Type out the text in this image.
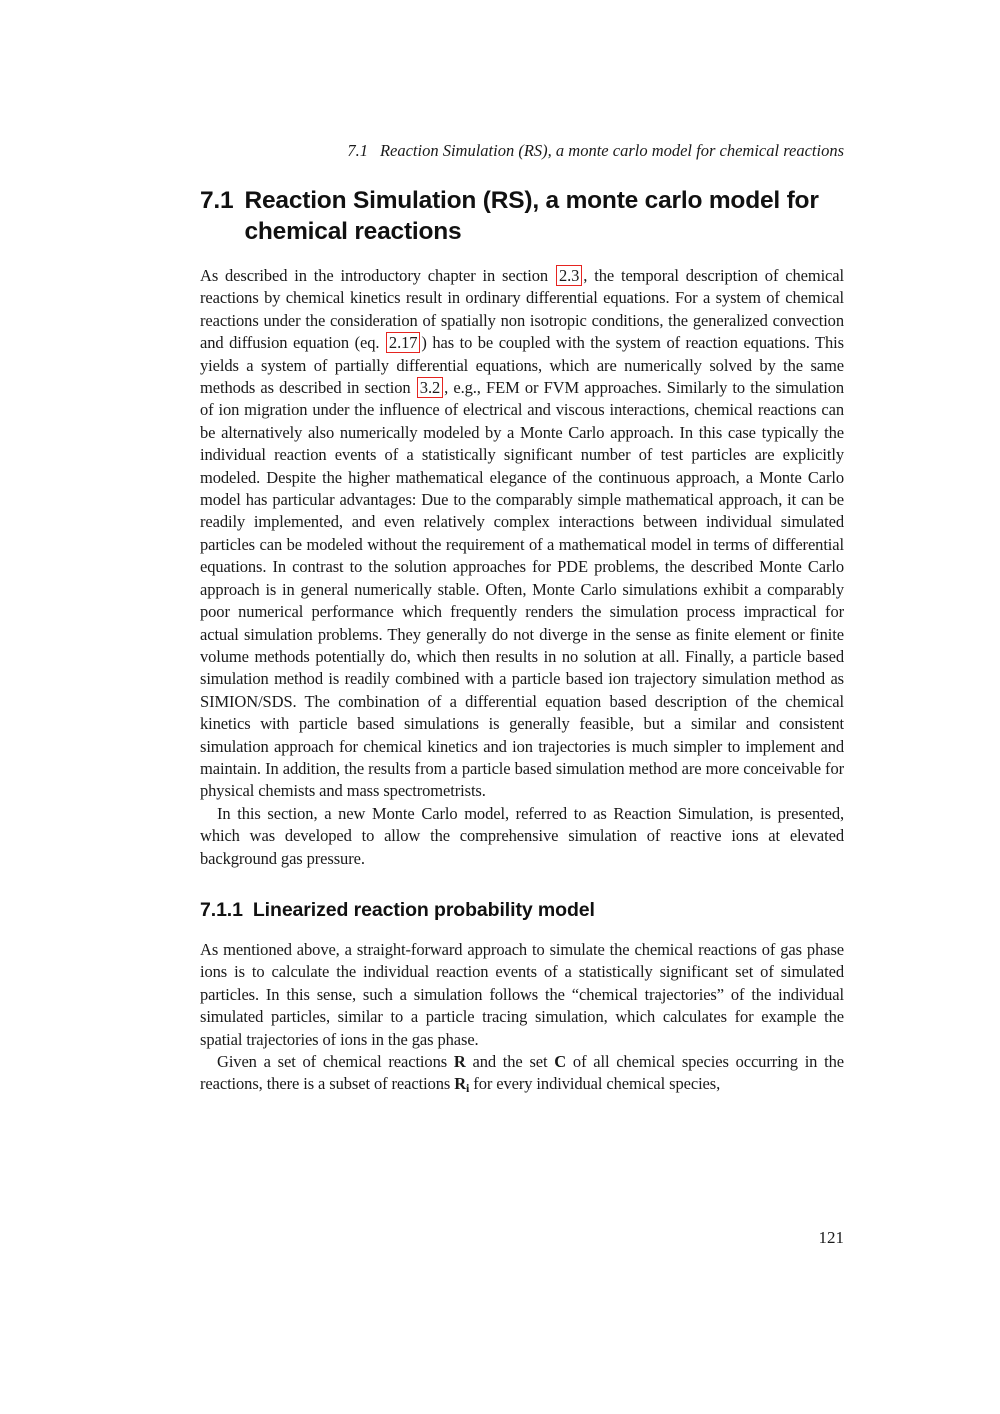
7.1 Reaction Simulation (RS), a monte carlo model for chemical reactions
7.1 Reaction Simulation (RS), a monte carlo model for
chemical reactions

As described in the introductory chapter in section 2.3 , the temporal description of chemical reactions by chemical kinetics result in ordinary differential equations. For a system of chemical reactions under the consideration of spatially non isotropic conditions, the generalized convection and diffusion equation (eq. 2.17 ) has to be coupled with the system of reaction equations. This yields a system of partially differential equations, which are numerically solved by the same methods as described in section 3.2 , e.g., FEM or FVM approaches. Similarly to the simulation of ion migration under the influence of electrical and viscous interactions, chemical reactions can be alternatively also numerically modeled by a Monte Carlo approach. In this case typically the individual reaction events of a statistically significant number of test particles are explicitly modeled. Despite the higher mathematical elegance of the continuous approach, a Monte Carlo model has particular advantages: Due to the comparably simple mathematical approach, it can be readily implemented, and even relatively complex interactions between individual simulated particles can be modeled without the requirement of a mathematical model in terms of differential equations. In contrast to the solution approaches for PDE problems, the described Monte Carlo approach is in general numerically stable. Often, Monte Carlo simulations exhibit a comparably poor numerical performance which frequently renders the simulation process impractical for actual simulation problems. They generally do not diverge in the sense as finite element or finite volume methods potentially do, which then results in no solution at all. Finally, a particle based simulation method is readily combined with a particle based ion trajectory simulation method as SIMION/SDS. The combination of a differential equation based description of the chemical kinetics with particle based simulations is generally feasible, but a similar and consistent simulation approach for chemical kinetics and ion trajectories is much simpler to implement and maintain. In addition, the results from a particle based simulation method are more conceivable for physical chemists and mass spectrometrists.

In this section, a new Monte Carlo model, referred to as Reaction Simulation, is presented, which was developed to allow the comprehensive simulation of reactive ions at elevated background gas pressure.

7.1.1 Linearized reaction probability model

As mentioned above, a straight-forward approach to simulate the chemical reactions of gas phase ions is to calculate the individual reaction events of a statistically significant set of simulated particles. In this sense, such a simulation follows the “chemical trajectories” of the individual simulated particles, similar to a particle tracing simulation, which calculates for example the spatial trajectories of ions in the gas phase.

Given a set of chemical reactions R and the set C of all chemical species occurring in the reactions, there is a subset of reactions $R_i$ for every individual chemical species,

121
